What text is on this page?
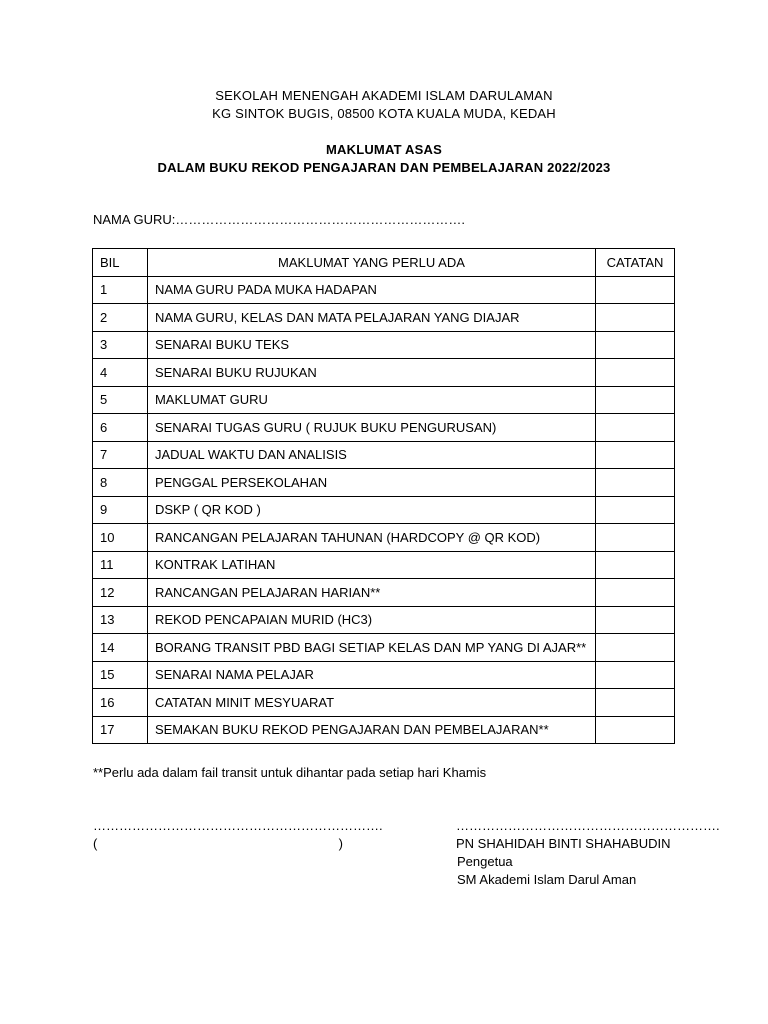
SEKOLAH MENENGAH AKADEMI ISLAM DARULAMAN
KG SINTOK BUGIS, 08500 KOTA KUALA MUDA, KEDAH
MAKLUMAT ASAS
DALAM BUKU REKOD PENGAJARAN DAN PEMBELAJARAN 2022/2023
NAMA GURU:………………………………………………………….
BIL	MAKLUMAT YANG PERLU ADA	CATATAN
1	NAMA GURU PADA MUKA HADAPAN	
2	NAMA GURU, KELAS DAN MATA PELAJARAN YANG DIAJAR	
3	SENARAI BUKU TEKS	
4	SENARAI BUKU RUJUKAN	
5	MAKLUMAT GURU	
6	SENARAI TUGAS GURU ( RUJUK BUKU PENGURUSAN)	
7	JADUAL WAKTU DAN ANALISIS	
8	PENGGAL PERSEKOLAHAN	
9	DSKP ( QR KOD )	
10	RANCANGAN PELAJARAN TAHUNAN (HARDCOPY @ QR KOD)	
11	KONTRAK LATIHAN	
12	RANCANGAN PELAJARAN HARIAN**	
13	REKOD PENCAPAIAN MURID (HC3)	
14	BORANG TRANSIT PBD BAGI SETIAP KELAS DAN MP YANG DI AJAR**	
15	SENARAI NAMA PELAJAR	
16	CATATAN MINIT MESYUARAT	
17	SEMAKAN BUKU REKOD PENGAJARAN DAN PEMBELAJARAN**	
**Perlu ada dalam fail transit untuk dihantar pada setiap hari Khamis
………………………………………………………….
(	)
…………………………………………………….
PN SHAHIDAH BINTI SHAHABUDIN
Pengetua
SM Akademi Islam Darul Aman
